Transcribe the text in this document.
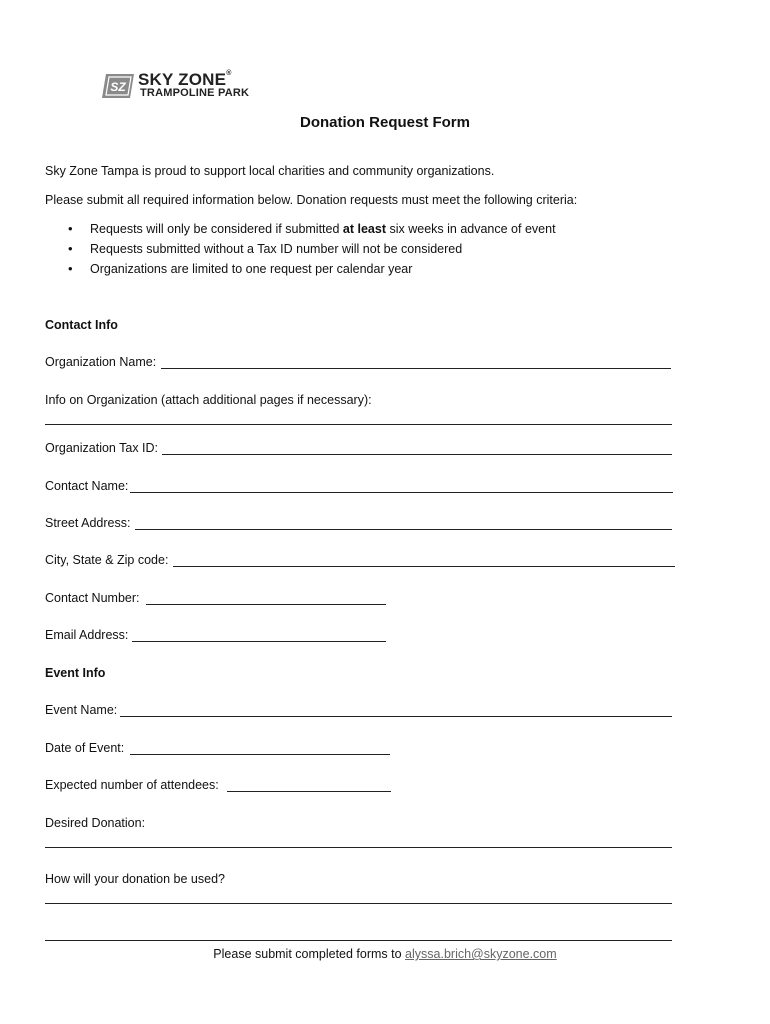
SZ SKY ZONE®
TRAMPOLINE PARK
Donation Request Form
Sky Zone Tampa is proud to support local charities and community organizations.
Please submit all required information below. Donation requests must meet the following criteria:
• Requests will only be considered if submitted at least six weeks in advance of event
• Requests submitted without a Tax ID number will not be considered
• Organizations are limited to one request per calendar year
Contact Info
Organization Name:
Info on Organization (attach additional pages if necessary):
Organization Tax ID:
Contact Name:
Street Address:
City, State & Zip code:
Contact Number:
Email Address:
Event Info
Event Name:
Date of Event:
Expected number of attendees:
Desired Donation:
How will your donation be used?
Please submit completed forms to alyssa.brich@skyzone.com
